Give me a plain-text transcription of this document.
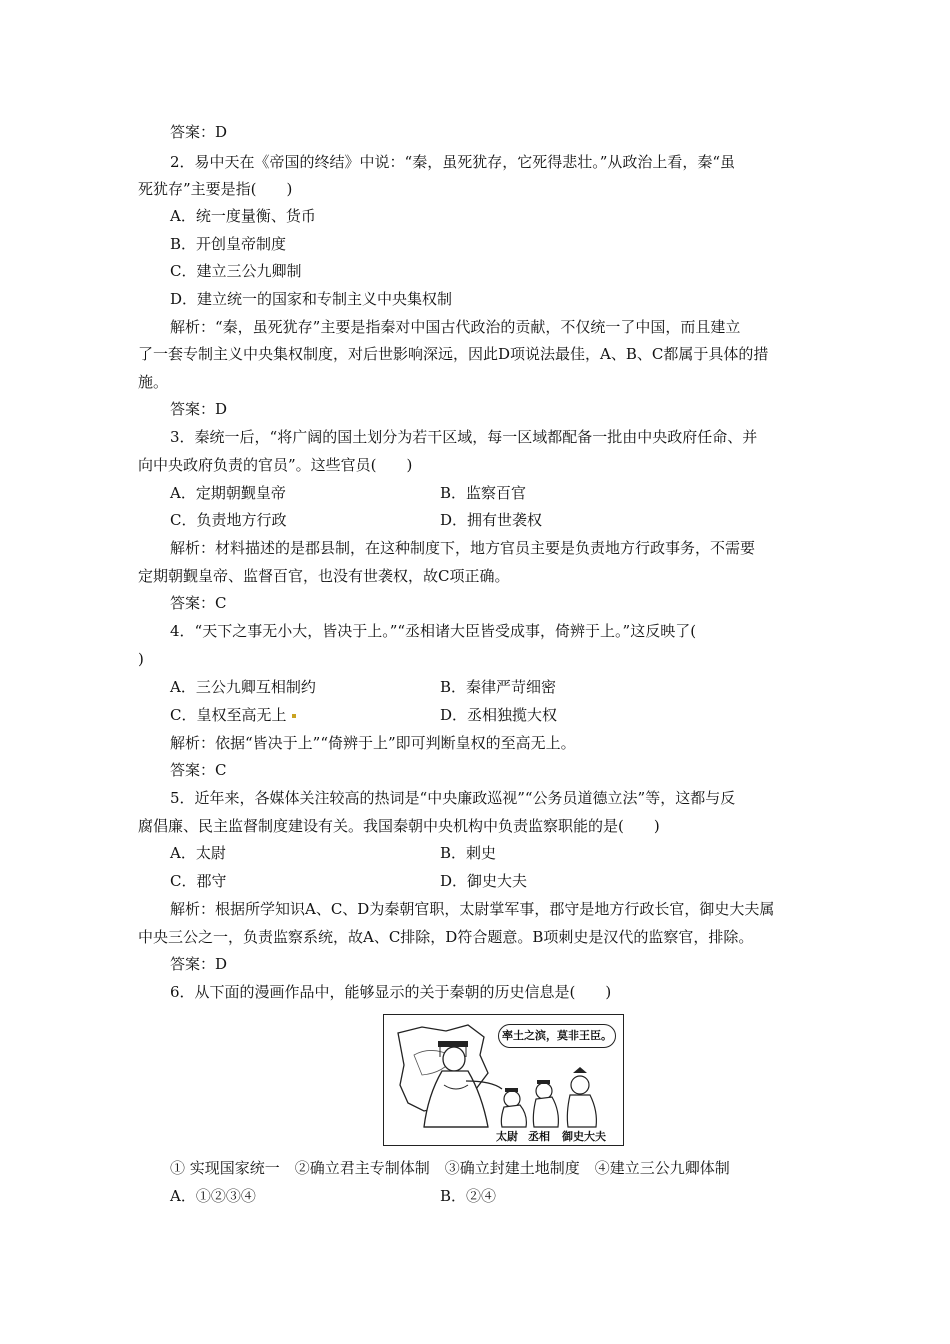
答案：D
2．易中天在《帝国的终结》中说：“秦，虽死犹存，它死得悲壮。”从政治上看，秦“虽
死犹存”主要是指(　　)
A．统一度量衡、货币
B．开创皇帝制度
C．建立三公九卿制
D．建立统一的国家和专制主义中央集权制
解析：“秦，虽死犹存”主要是指秦对中国古代政治的贡献，不仅统一了中国，而且建立
了一套专制主义中央集权制度，对后世影响深远，因此D项说法最佳，A、B、C都属于具体的措
施。
答案：D
3．秦统一后，“将广阔的国土划分为若干区域，每一区域都配备一批由中央政府任命、并
向中央政府负责的官员”。这些官员(　　)
A．定期朝觐皇帝	B．监察百官
C．负责地方行政	D．拥有世袭权
解析：材料描述的是郡县制，在这种制度下，地方官员主要是负责地方行政事务，不需要
定期朝觐皇帝、监督百官，也没有世袭权，故C项正确。
答案：C
4．“天下之事无小大，皆决于上。”“丞相诸大臣皆受成事，倚辨于上。”这反映了(
)
A．三公九卿互相制约	B．秦律严苛细密
C．皇权至高无上	D．丞相独揽大权
解析：依据“皆决于上”“倚辨于上”即可判断皇权的至高无上。
答案：C
5．近年来，各媒体关注较高的热词是“中央廉政巡视”“公务员道德立法”等，这都与反
腐倡廉、民主监督制度建设有关。我国秦朝中央机构中负责监察职能的是(　　)
A．太尉	B．刺史
C．郡守	D．御史大夫
解析：根据所学知识A、C、D为秦朝官职，太尉掌军事，郡守是地方行政长官，御史大夫属
中央三公之一，负责监察系统，故A、C排除，D符合题意。B项刺史是汉代的监察官，排除。
答案：D
6．从下面的漫画作品中，能够显示的关于秦朝的历史信息是(　　)
率土之滨，莫非王臣。
太尉 丞相 御史大夫
① 实现国家统一　②确立君主专制体制　③确立封建土地制度　④建立三公九卿体制
A．①②③④	B．②④
